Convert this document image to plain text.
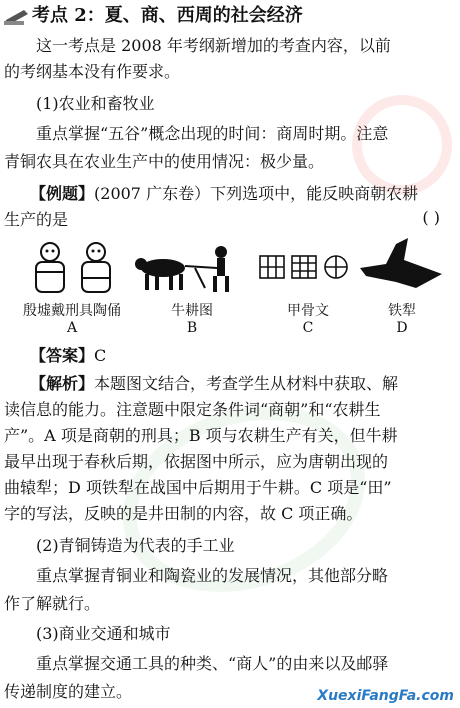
考点 2：夏、商、西周的社会经济
这一考点是 2008 年考纲新增加的考查内容，以前
的考纲基本没有作要求。
(1)农业和畜牧业
重点掌握“五谷”概念出现的时间：商周时期。注意
青铜农具在农业生产中的使用情况：极少量。
【例题】(2007 广东卷）下列选项中，能反映商朝农耕
生产的是	( )
殷墟戴刑具陶俑
A
牛耕图
B
甲骨文
C
铁犁
D
【答案】C
【解析】本题图文结合，考查学生从材料中获取、解
读信息的能力。注意题中限定条件词“商朝”和“农耕生
产”。A 项是商朝的刑具；B 项与农耕生产有关，但牛耕
最早出现于春秋后期，依据图中所示，应为唐朝出现的
曲辕犁；D 项铁犁在战国中后期用于牛耕。C 项是“田”
字的写法，反映的是井田制的内容，故 C 项正确。
(2)青铜铸造为代表的手工业
重点掌握青铜业和陶瓷业的发展情况，其他部分略
作了解就行。
(3)商业交通和城市
重点掌握交通工具的种类、“商人”的由来以及邮驿
传递制度的建立。	XuexiFangFa.com
